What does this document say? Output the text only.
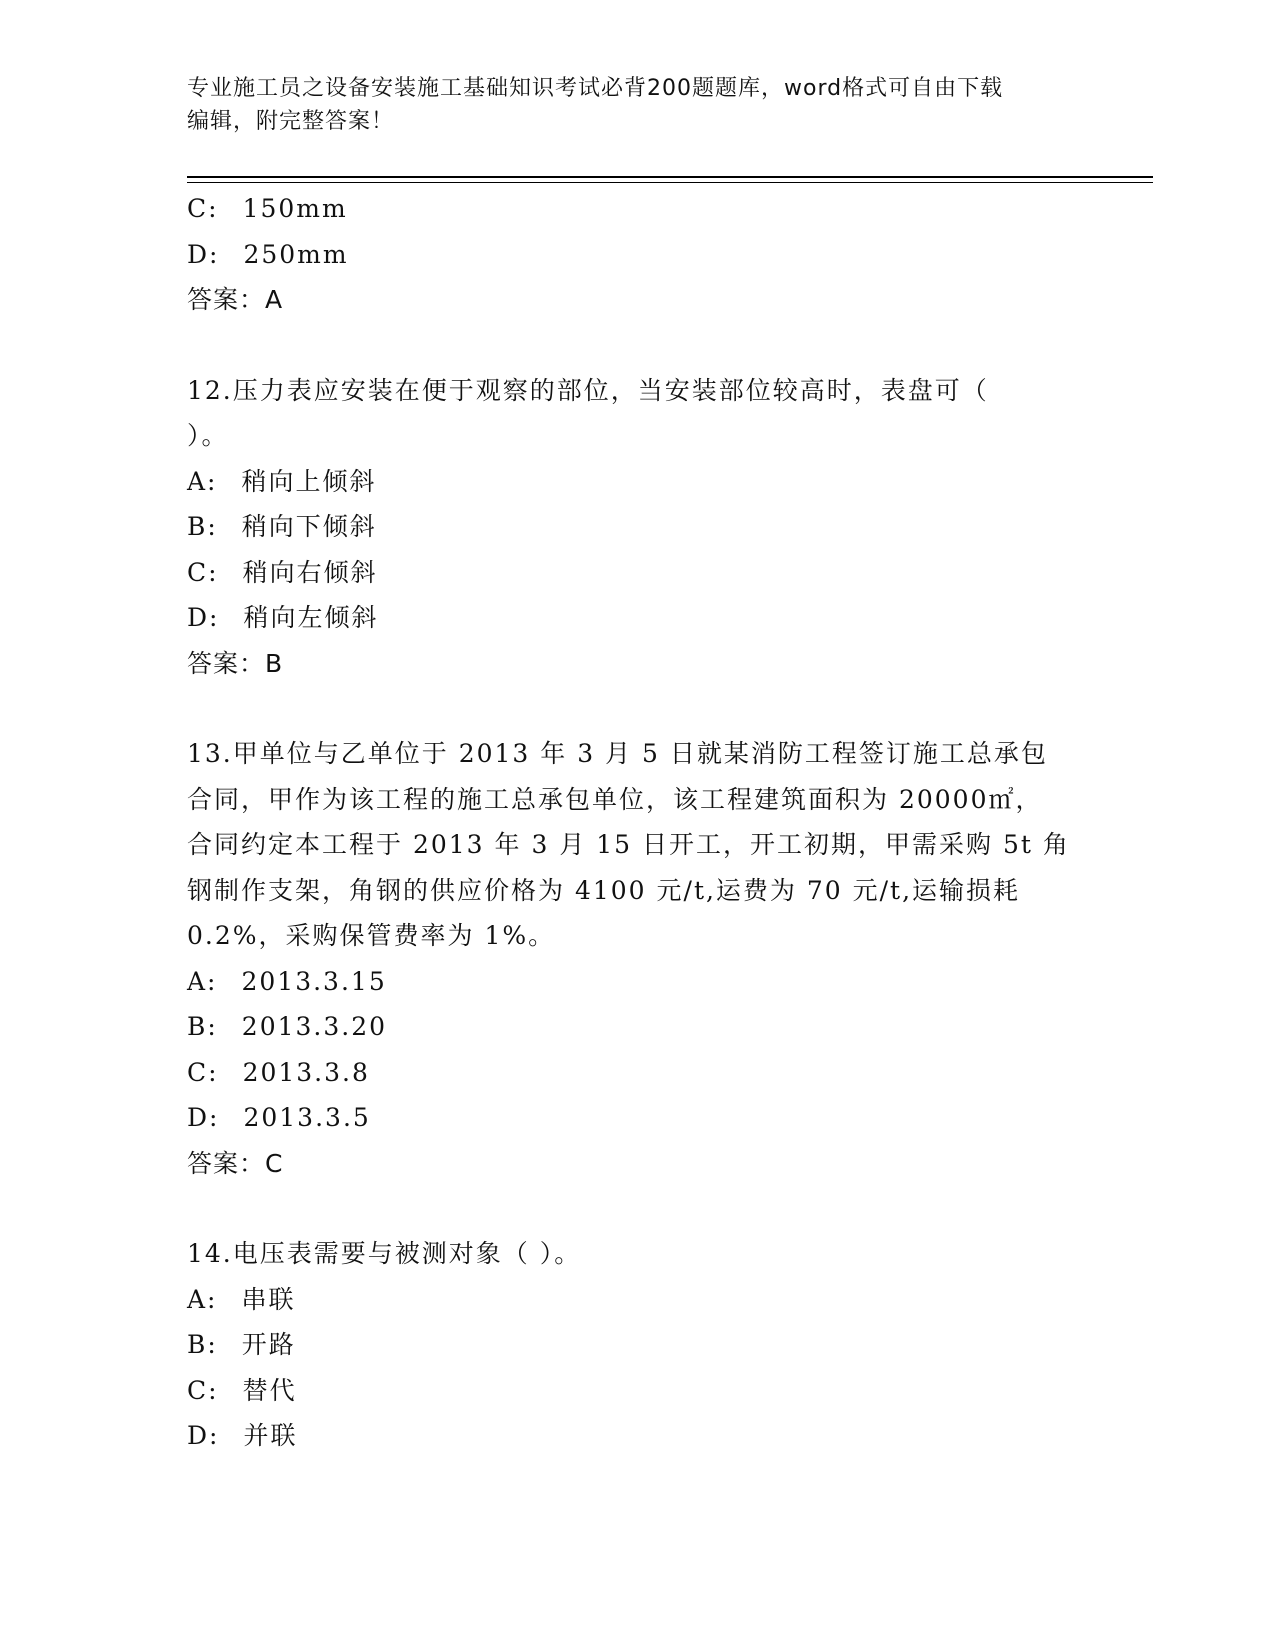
专业施工员之设备安装施工基础知识考试必背200题题库，word格式可自由下载
编辑，附完整答案！
C: 150mm
D: 250mm
答案：A
12.压力表应安装在便于观察的部位，当安装部位较高时，表盘可（
）。
A: 稍向上倾斜
B: 稍向下倾斜
C: 稍向右倾斜
D: 稍向左倾斜
答案：B
13.甲单位与乙单位于 2013 年 3 月 5 日就某消防工程签订施工总承包
合同，甲作为该工程的施工总承包单位，该工程建筑面积为 20000㎡，
合同约定本工程于 2013 年 3 月 15 日开工，开工初期，甲需采购 5t 角
钢制作支架，角钢的供应价格为 4100 元/t,运费为 70 元/t,运输损耗
0.2%，采购保管费率为 1%。
A: 2013.3.15
B: 2013.3.20
C: 2013.3.8
D: 2013.3.5
答案：C
14.电压表需要与被测对象（ ）。
A: 串联
B: 开路
C: 替代
D: 并联
